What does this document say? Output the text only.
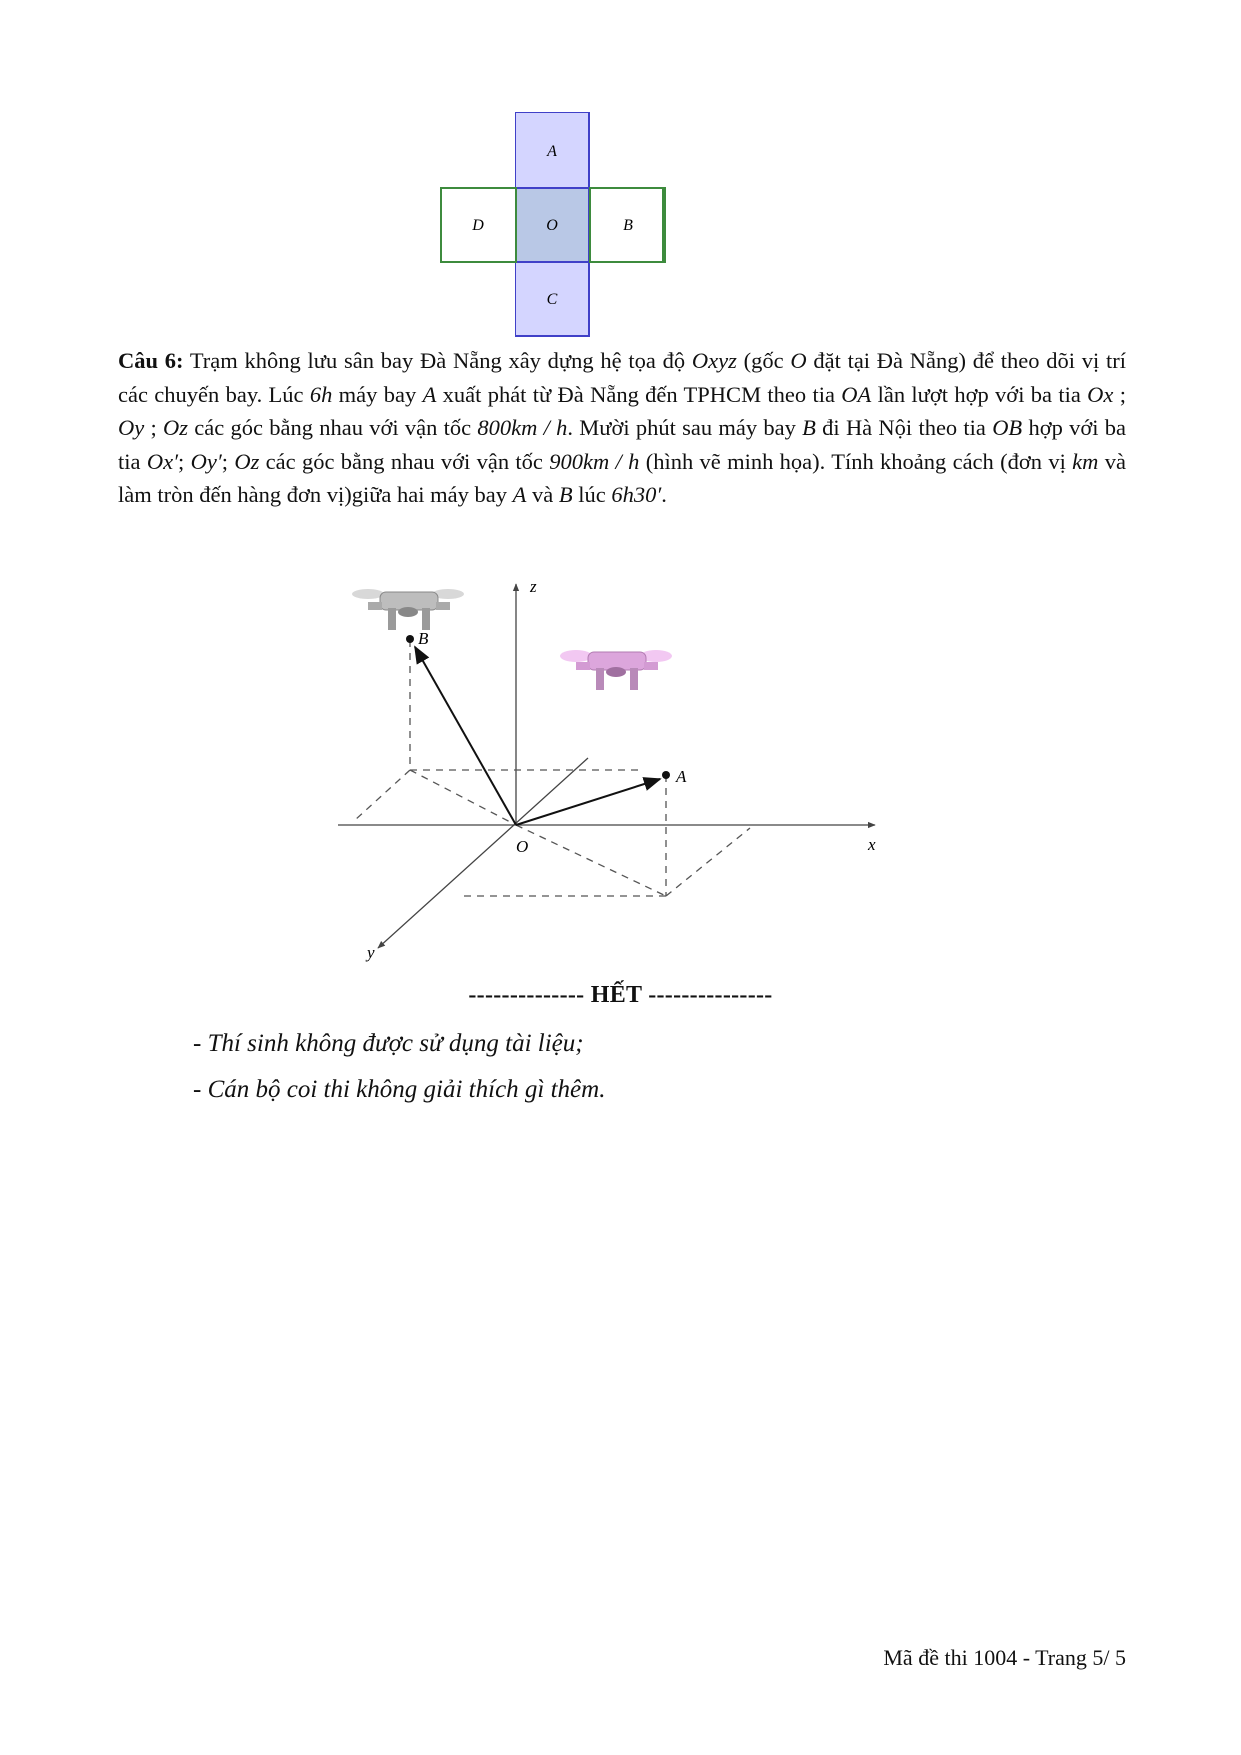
A
O
C
D	B
Câu 6: Trạm không lưu sân bay Đà Nẵng xây dựng hệ tọa độ Oxyz (gốc O đặt tại Đà Nẵng) để theo dõi vị trí các chuyến bay. Lúc 6h máy bay A xuất phát từ Đà Nẵng đến TPHCM theo tia OA lần lượt hợp với ba tia Ox ; Oy ; Oz các góc bằng nhau với vận tốc 800km / h. Mười phút sau máy bay B đi Hà Nội theo tia OB hợp với ba tia Ox′; Oy′; Oz các góc bằng nhau với vận tốc 900km / h (hình vẽ minh họa). Tính khoảng cách (đơn vị km và làm tròn đến hàng đơn vị)giữa hai máy bay A và B lúc 6h30′.
z
x
y
O
A
B
-------------- HẾT ---------------
- Thí sinh không được sử dụng tài liệu;
- Cán bộ coi thi không giải thích gì thêm.
Mã đề thi 1004 - Trang 5/ 5
